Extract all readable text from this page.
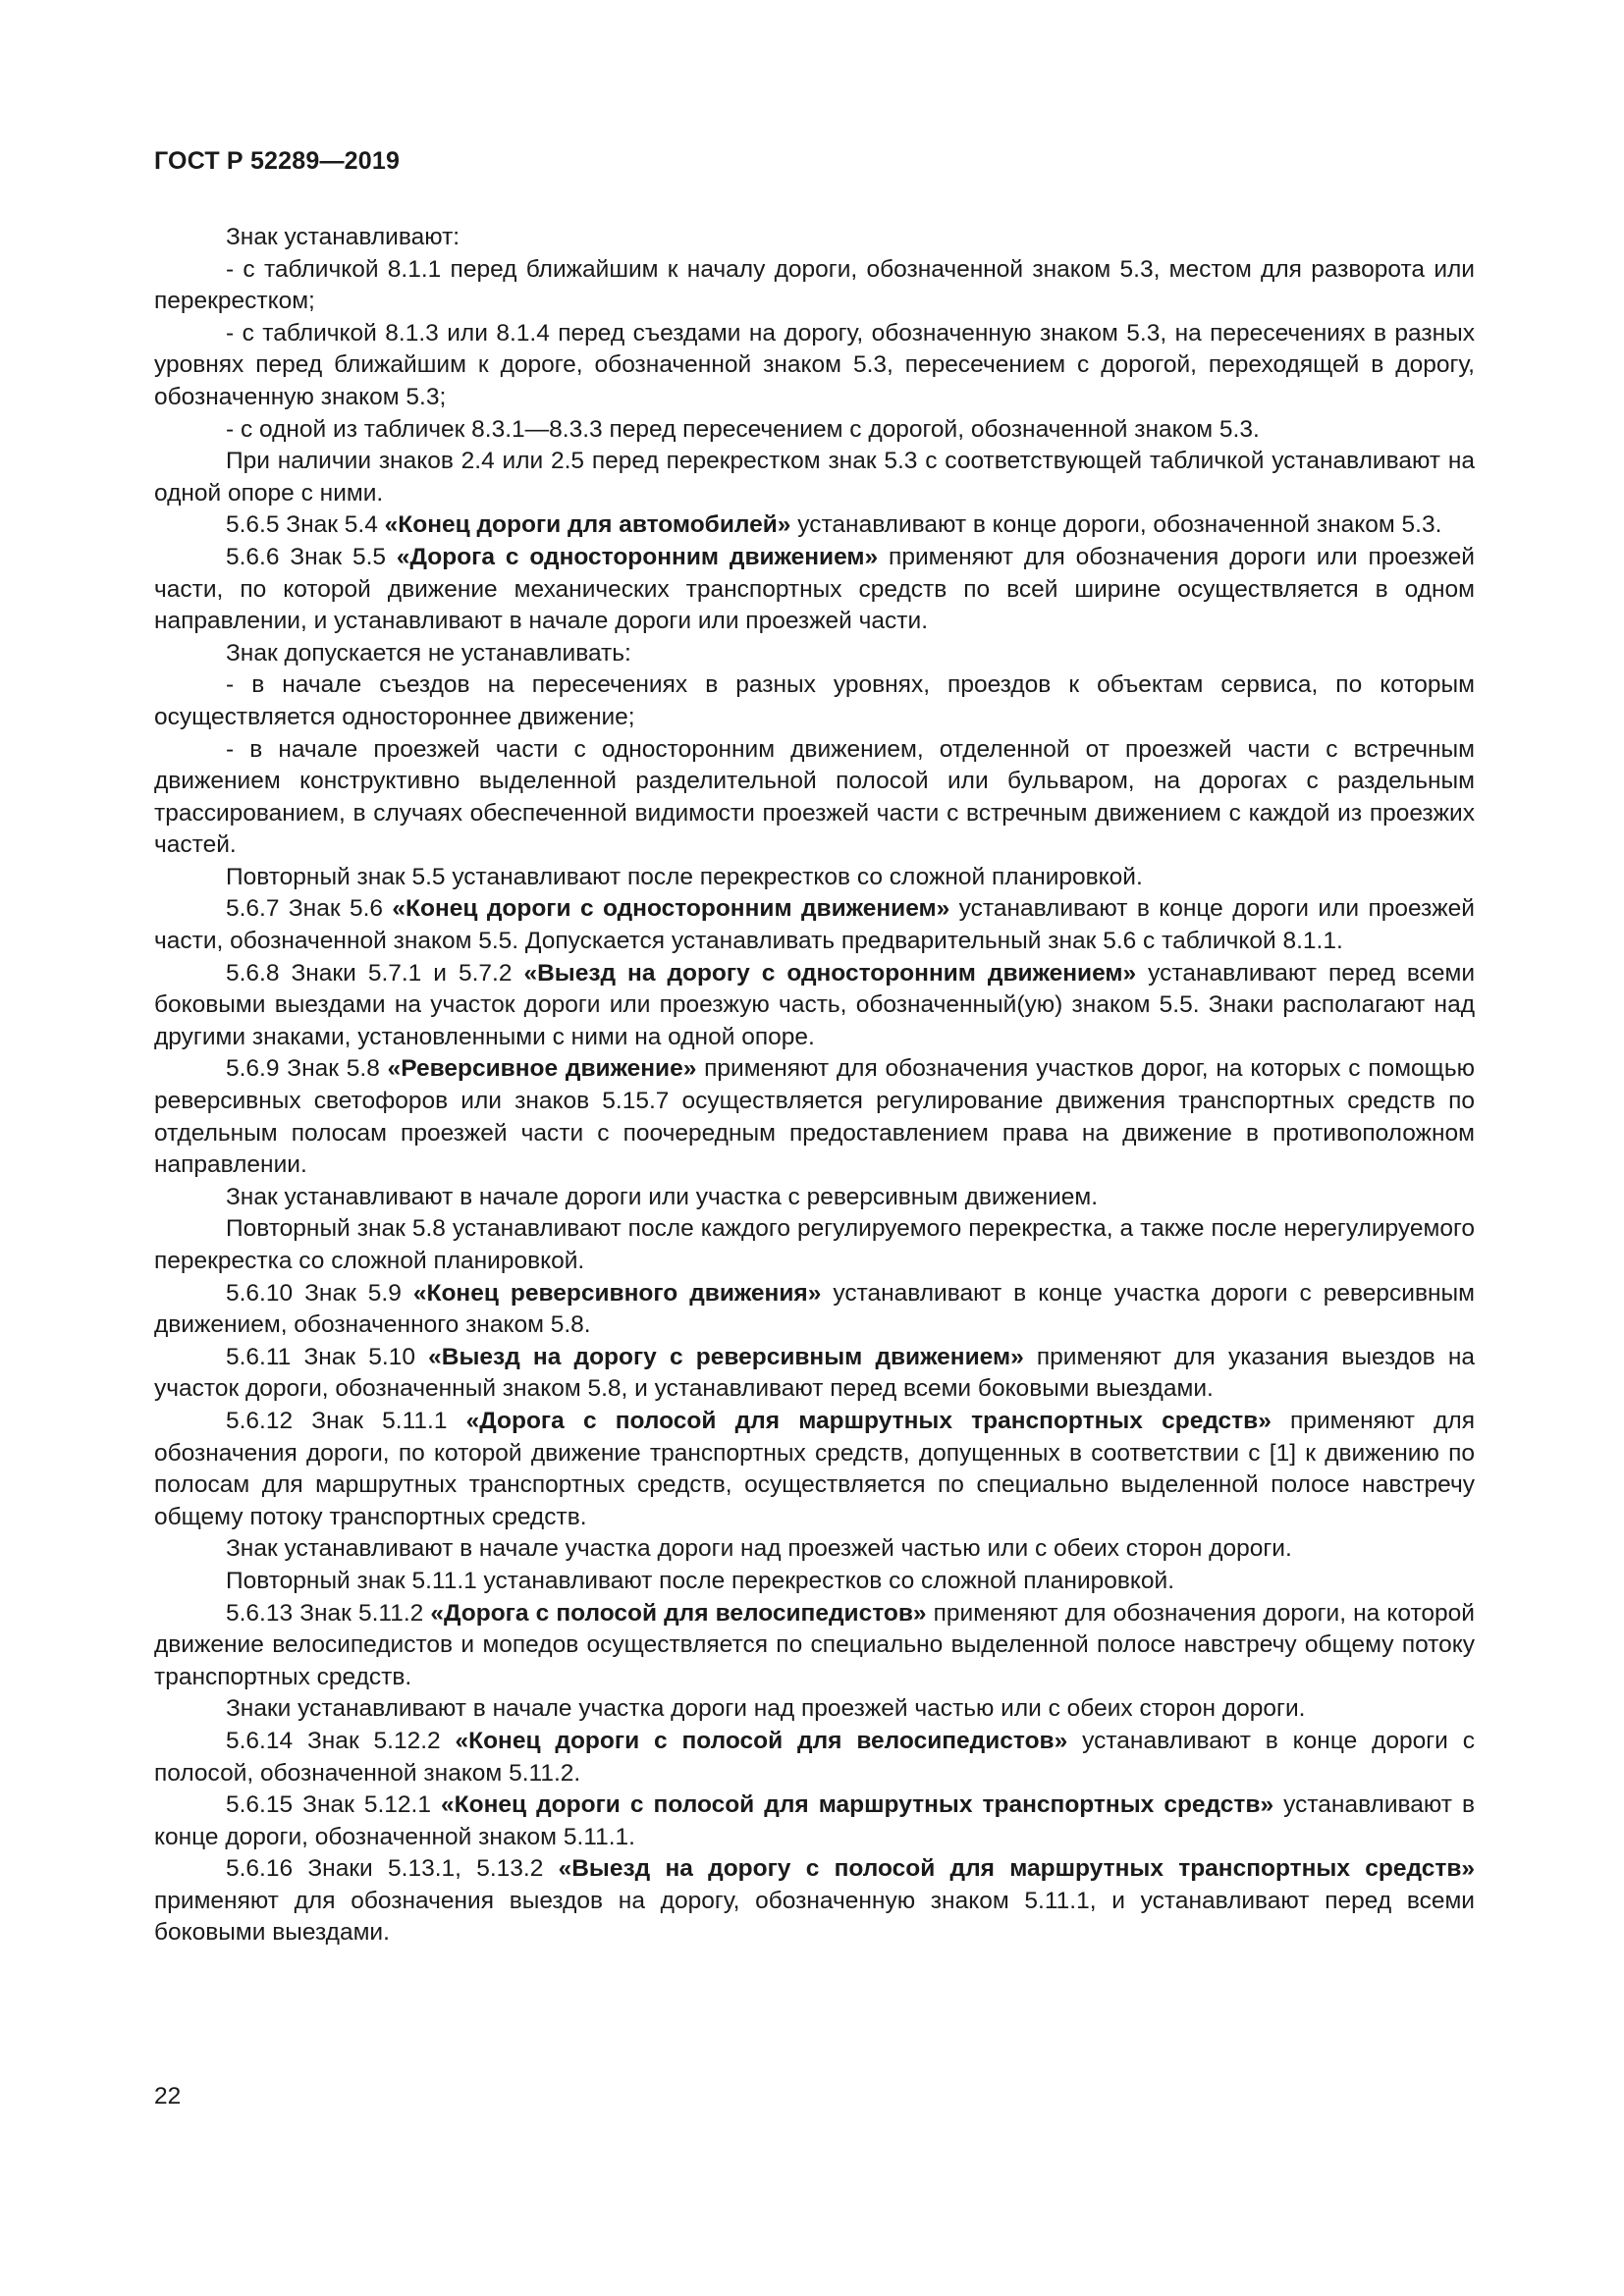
ГОСТ Р 52289—2019

Знак устанавливают:

- с табличкой 8.1.1 перед ближайшим к началу дороги, обозначенной знаком 5.3, местом для разворота или перекрестком;

- с табличкой 8.1.3 или 8.1.4 перед съездами на дорогу, обозначенную знаком 5.3, на пересечениях в разных уровнях перед ближайшим к дороге, обозначенной знаком 5.3, пересечением с дорогой, переходящей в дорогу, обозначенную знаком 5.3;

- с одной из табличек 8.3.1—8.3.3 перед пересечением с дорогой, обозначенной знаком 5.3.

При наличии знаков 2.4 или 2.5 перед перекрестком знак 5.3 с соответствующей табличкой устанавливают на одной опоре с ними.

5.6.5 Знак 5.4 «Конец дороги для автомобилей» устанавливают в конце дороги, обозначенной знаком 5.3.

5.6.6 Знак 5.5 «Дорога с односторонним движением» применяют для обозначения дороги или проезжей части, по которой движение механических транспортных средств по всей ширине осуществляется в одном направлении, и устанавливают в начале дороги или проезжей части.

Знак допускается не устанавливать:

- в начале съездов на пересечениях в разных уровнях, проездов к объектам сервиса, по которым осуществляется одностороннее движение;

- в начале проезжей части с односторонним движением, отделенной от проезжей части с встречным движением конструктивно выделенной разделительной полосой или бульваром, на дорогах с раздельным трассированием, в случаях обеспеченной видимости проезжей части с встречным движением с каждой из проезжих частей.

Повторный знак 5.5 устанавливают после перекрестков со сложной планировкой.

5.6.7 Знак 5.6 «Конец дороги с односторонним движением» устанавливают в конце дороги или проезжей части, обозначенной знаком 5.5. Допускается устанавливать предварительный знак 5.6 с табличкой 8.1.1.

5.6.8 Знаки 5.7.1 и 5.7.2 «Выезд на дорогу с односторонним движением» устанавливают перед всеми боковыми выездами на участок дороги или проезжую часть, обозначенный(ую) знаком 5.5. Знаки располагают над другими знаками, установленными с ними на одной опоре.

5.6.9 Знак 5.8 «Реверсивное движение» применяют для обозначения участков дорог, на которых с помощью реверсивных светофоров или знаков 5.15.7 осуществляется регулирование движения транспортных средств по отдельным полосам проезжей части с поочередным предоставлением права на движение в противоположном направлении.

Знак устанавливают в начале дороги или участка с реверсивным движением.

Повторный знак 5.8 устанавливают после каждого регулируемого перекрестка, а также после нерегулируемого перекрестка со сложной планировкой.

5.6.10 Знак 5.9 «Конец реверсивного движения» устанавливают в конце участка дороги с реверсивным движением, обозначенного знаком 5.8.

5.6.11 Знак 5.10 «Выезд на дорогу с реверсивным движением» применяют для указания выездов на участок дороги, обозначенный знаком 5.8, и устанавливают перед всеми боковыми выездами.

5.6.12 Знак 5.11.1 «Дорога с полосой для маршрутных транспортных средств» применяют для обозначения дороги, по которой движение транспортных средств, допущенных в соответствии с [1] к движению по полосам для маршрутных транспортных средств, осуществляется по специально выделенной полосе навстречу общему потоку транспортных средств.

Знак устанавливают в начале участка дороги над проезжей частью или с обеих сторон дороги.

Повторный знак 5.11.1 устанавливают после перекрестков со сложной планировкой.

5.6.13 Знак 5.11.2 «Дорога с полосой для велосипедистов» применяют для обозначения дороги, на которой движение велосипедистов и мопедов осуществляется по специально выделенной полосе навстречу общему потоку транспортных средств.

Знаки устанавливают в начале участка дороги над проезжей частью или с обеих сторон дороги.

5.6.14 Знак 5.12.2 «Конец дороги с полосой для велосипедистов» устанавливают в конце дороги с полосой, обозначенной знаком 5.11.2.

5.6.15 Знак 5.12.1 «Конец дороги с полосой для маршрутных транспортных средств» устанавливают в конце дороги, обозначенной знаком 5.11.1.

5.6.16 Знаки 5.13.1, 5.13.2 «Выезд на дорогу с полосой для маршрутных транспортных средств» применяют для обозначения выездов на дорогу, обозначенную знаком 5.11.1, и устанавливают перед всеми боковыми выездами.

22
